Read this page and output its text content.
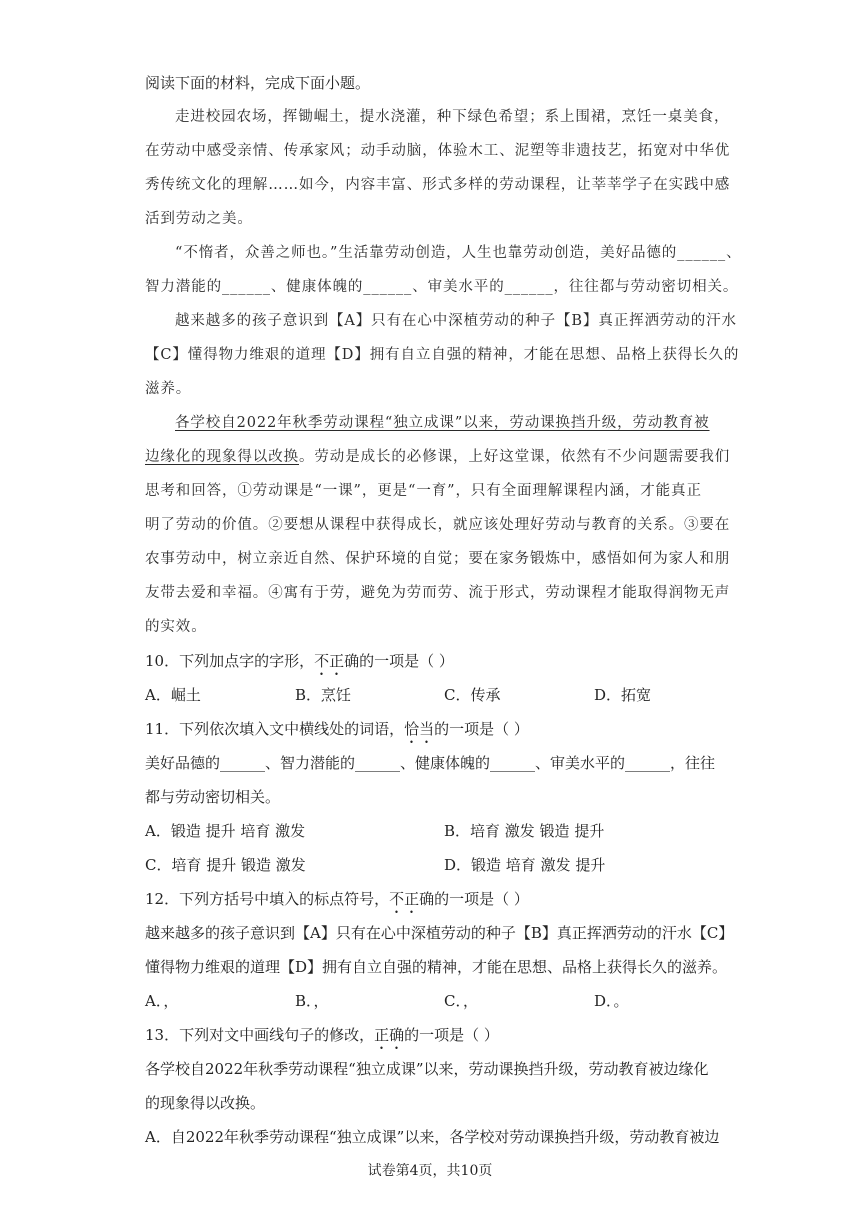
阅读下面的材料，完成下面小题。
走进校园农场，挥锄崛土，提水浇灌，种下绿色希望；系上围裙，烹饪一桌美食，
在劳动中感受亲情、传承家风；动手动脑，体验木工、泥塑等非遗技艺，拓宽对中华优
秀传统文化的理解……如今，内容丰富、形式多样的劳动课程，让莘莘学子在实践中感
活到劳动之美。
“不惰者，众善之师也。”生活靠劳动创造，人生也靠劳动创造，美好品德的______、
智力潜能的______、健康体魄的______、审美水平的______，往往都与劳动密切相关。
越来越多的孩子意识到【A】只有在心中深植劳动的种子【B】真正挥洒劳动的汗水
【C】懂得物力维艰的道理【D】拥有自立自强的精神，才能在思想、品格上获得长久的
滋养。
各学校自2022年秋季劳动课程“独立成课”以来，劳动课换挡升级，劳动教育被
边缘化的现象得以改换。劳动是成长的必修课，上好这堂课，依然有不少问题需要我们
思考和回答，①劳动课是“一课”，更是“一育”，只有全面理解课程内涵，才能真正
明了劳动的价值。②要想从课程中获得成长，就应该处理好劳动与教育的关系。③要在
农事劳动中，树立亲近自然、保护环境的自觉；要在家务锻炼中，感悟如何为家人和朋
友带去爱和幸福。④寓有于劳，避免为劳而劳、流于形式，劳动课程才能取得润物无声
的实效。
10．下列加点字的字形，不正确的一项是（ ）
A．崛土	B．烹饪	C．传承	D．拓宽
11．下列依次填入文中横线处的词语，恰当的一项是（ ）
美好品德的______、智力潜能的______、健康体魄的______、审美水平的______，往往
都与劳动密切相关。
A．锻造 提升 培育 激发	B．培育 激发 锻造 提升
C．培育 提升 锻造 激发	D．锻造 培育 激发 提升
12．下列方括号中填入的标点符号，不正确的一项是（ ）
越来越多的孩子意识到【A】只有在心中深植劳动的种子【B】真正挥洒劳动的汗水【C】
懂得物力维艰的道理【D】拥有自立自强的精神，才能在思想、品格上获得长久的滋养。
A．，	B．，	C．，	D．。
13．下列对文中画线句子的修改，正确的一项是（ ）
各学校自2022年秋季劳动课程“独立成课”以来，劳动课换挡升级，劳动教育被边缘化
的现象得以改换。
A．自2022年秋季劳动课程“独立成课”以来，各学校对劳动课换挡升级，劳动教育被边
试卷第4页，共10页
